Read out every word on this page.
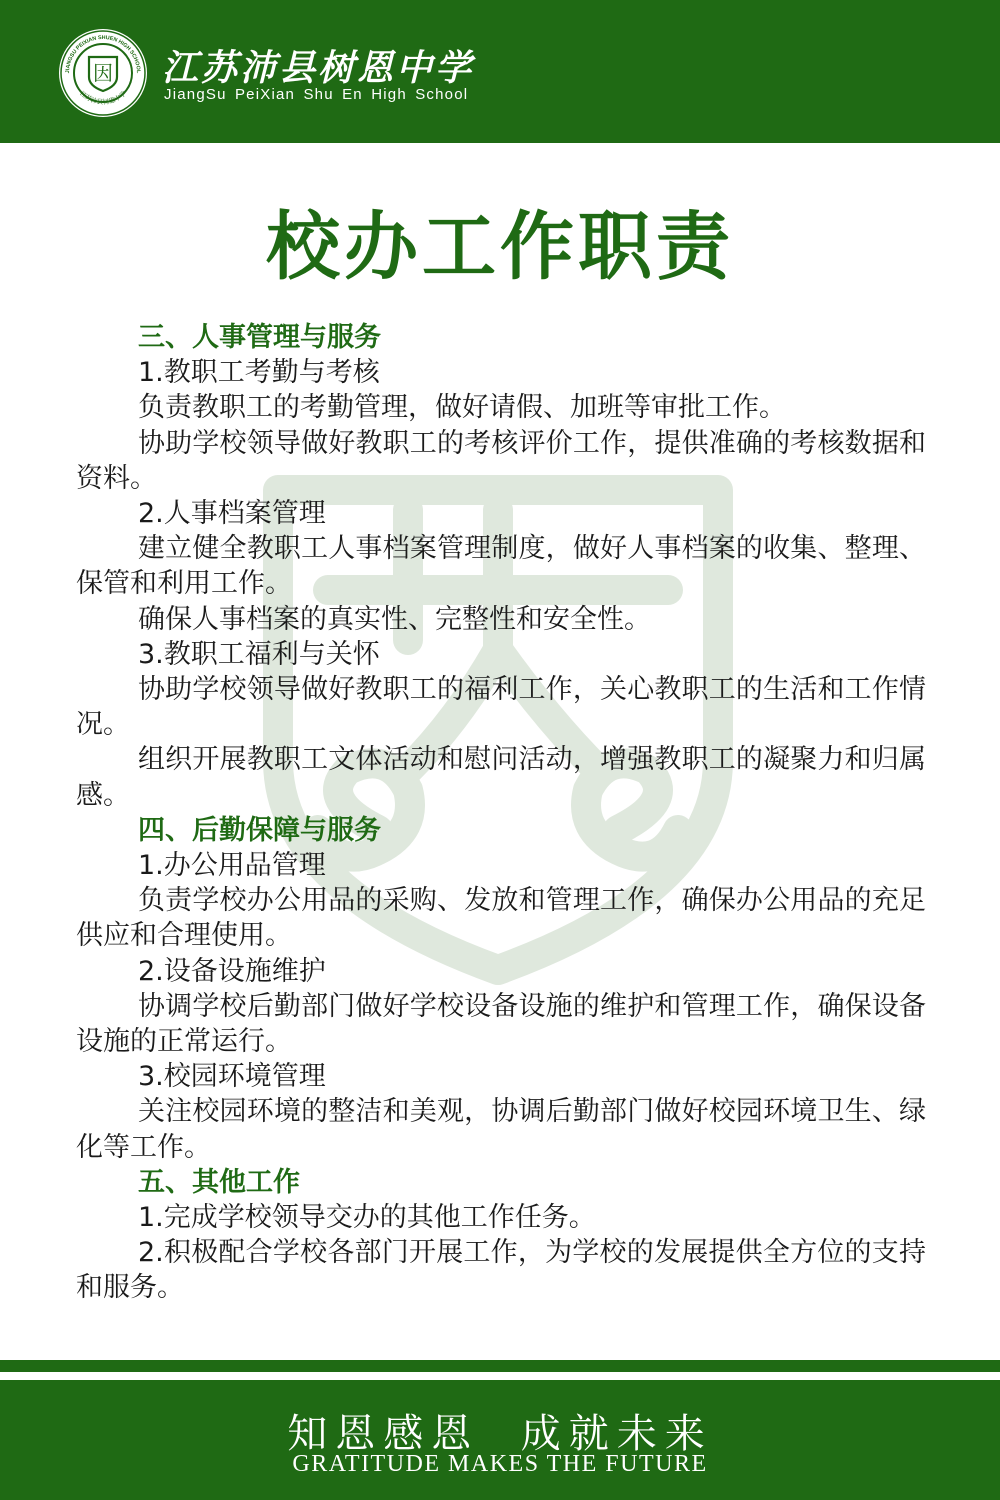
JIANGSU PEIXIAN SHUEN HIGH SCHOOL
江苏沛县树恩中学
因 江苏沛县树恩中学
JiangSu PeiXian Shu En High School
校办工作职责

三、人事管理与服务

1.教职工考勤与考核

负责教职工的考勤管理，做好请假、加班等审批工作。

协助学校领导做好教职工的考核评价工作，提供准确的考核数据和资料。

2.人事档案管理

建立健全教职工人事档案管理制度，做好人事档案的收集、整理、保管和利用工作。

确保人事档案的真实性、完整性和安全性。

3.教职工福利与关怀

协助学校领导做好教职工的福利工作，关心教职工的生活和工作情况。

组织开展教职工文体活动和慰问活动，增强教职工的凝聚力和归属感。

四、后勤保障与服务

1.办公用品管理

负责学校办公用品的采购、发放和管理工作，确保办公用品的充足供应和合理使用。

2.设备设施维护

协调学校后勤部门做好学校设备设施的维护和管理工作，确保设备设施的正常运行。

3.校园环境管理

关注校园环境的整洁和美观，协调后勤部门做好校园环境卫生、绿化等工作。

五、其他工作

1.完成学校领导交办的其他工作任务。

2.积极配合学校各部门开展工作，为学校的发展提供全方位的支持和服务。

知恩感恩  成就未来
GRATITUDE MAKES THE FUTURE
